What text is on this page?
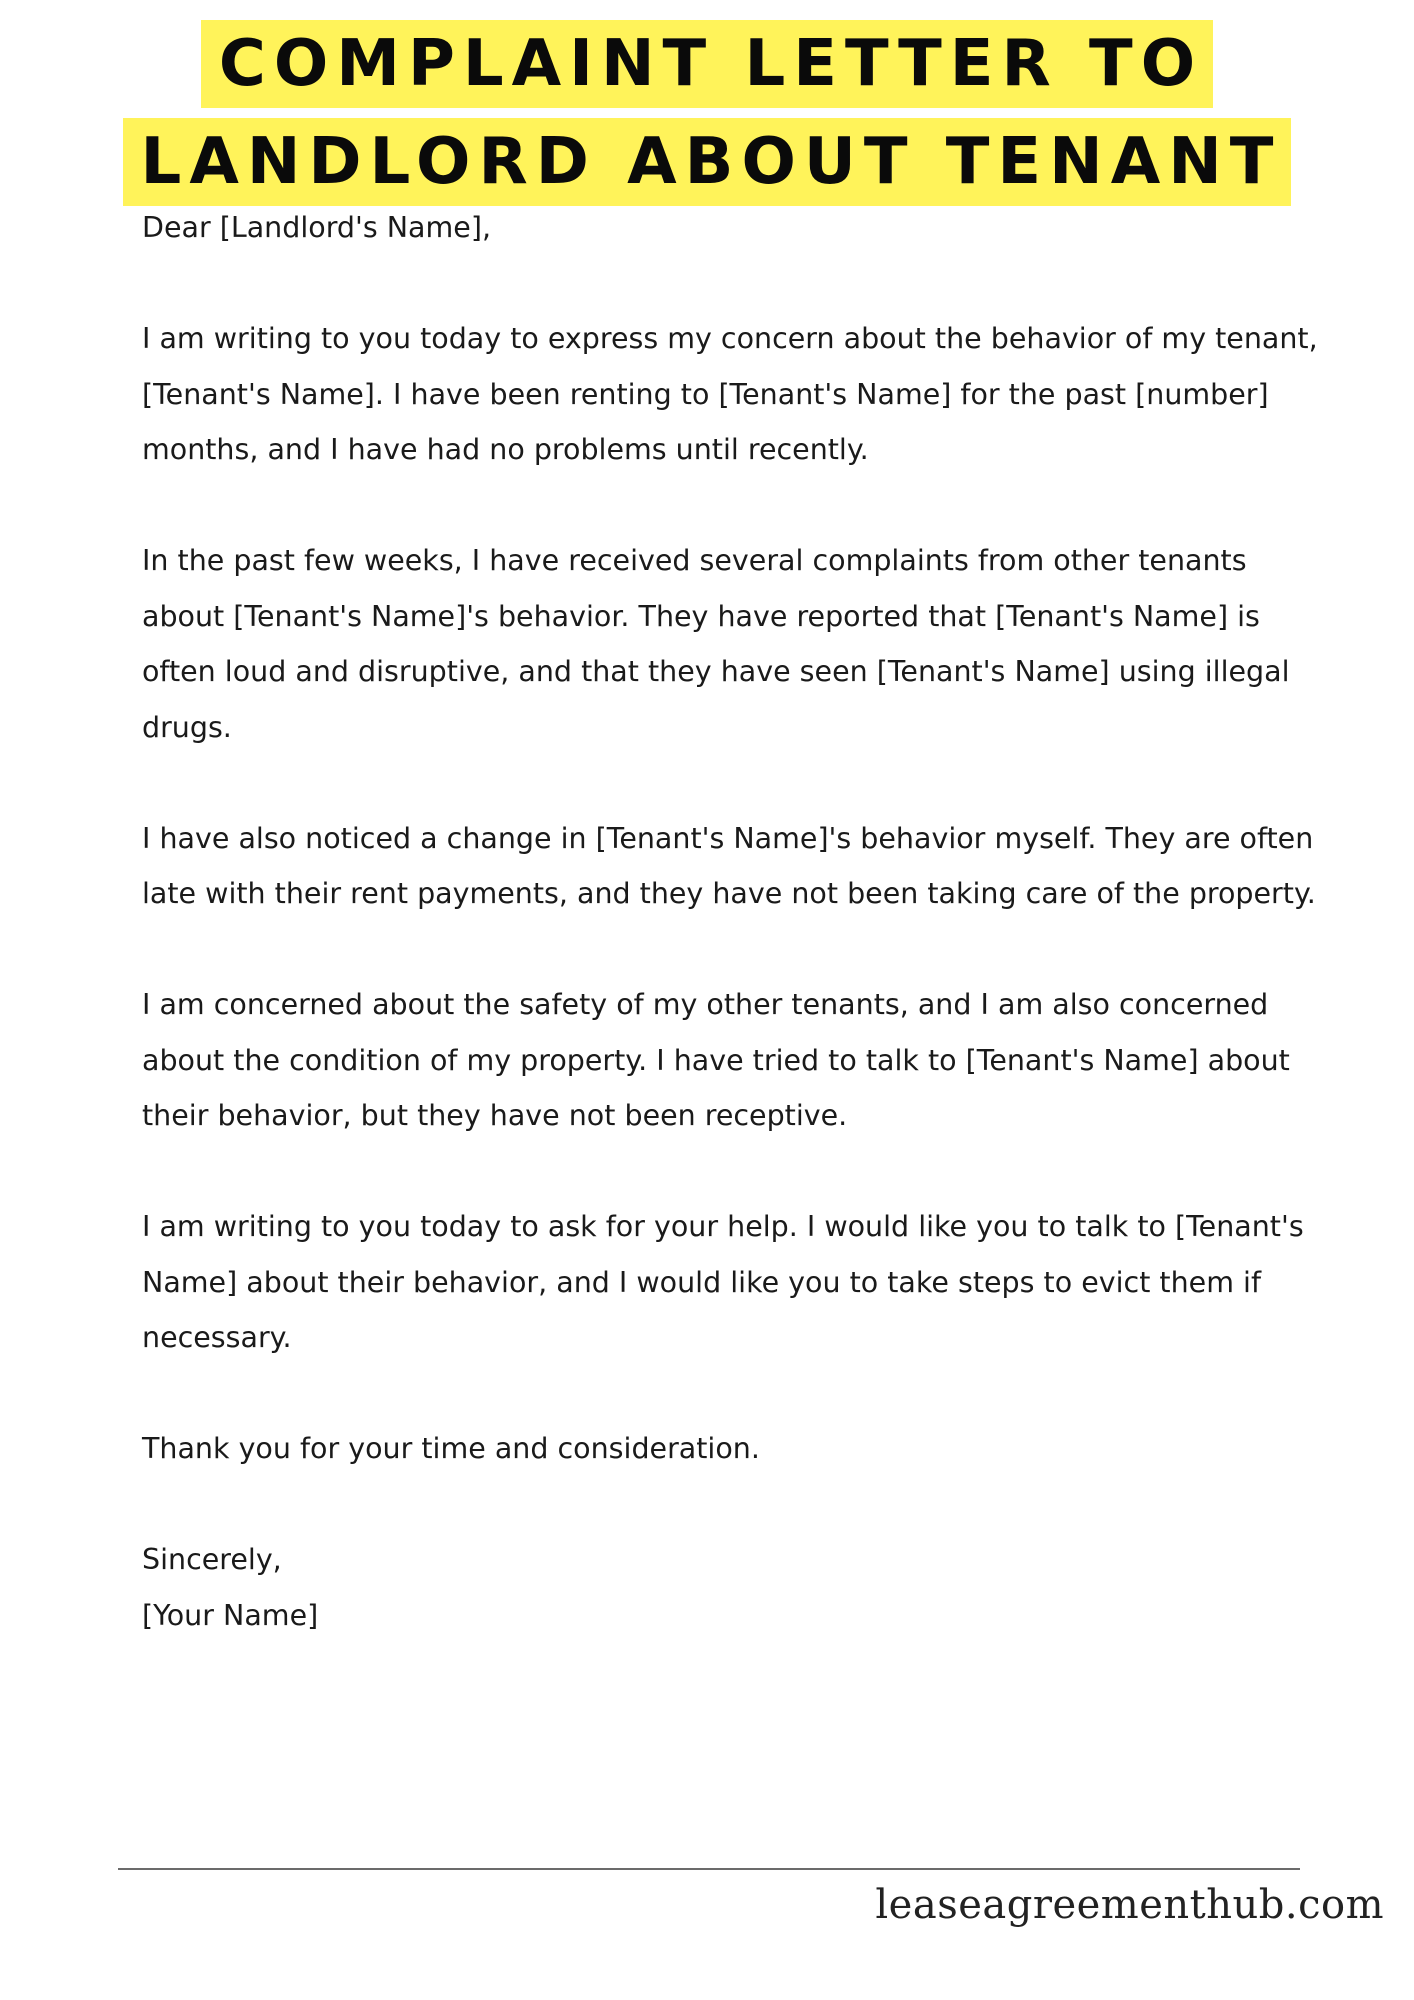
COMPLAINT LETTER TO
LANDLORD ABOUT TENANT

Dear [Landlord's Name],

I am writing to you today to express my concern about the behavior of my tenant, [Tenant's Name]. I have been renting to [Tenant's Name] for the past [number] months, and I have had no problems until recently.

In the past few weeks, I have received several complaints from other tenants about [Tenant's Name]'s behavior. They have reported that [Tenant's Name] is often loud and disruptive, and that they have seen [Tenant's Name] using illegal drugs.

I have also noticed a change in [Tenant's Name]'s behavior myself. They are often late with their rent payments, and they have not been taking care of the property.

I am concerned about the safety of my other tenants, and I am also concerned about the condition of my property. I have tried to talk to [Tenant's Name] about their behavior, but they have not been receptive.

I am writing to you today to ask for your help. I would like you to talk to [Tenant's Name] about their behavior, and I would like you to take steps to evict them if necessary.

Thank you for your time and consideration.

Sincerely,

[Your Name]

leaseagreementhub.com
